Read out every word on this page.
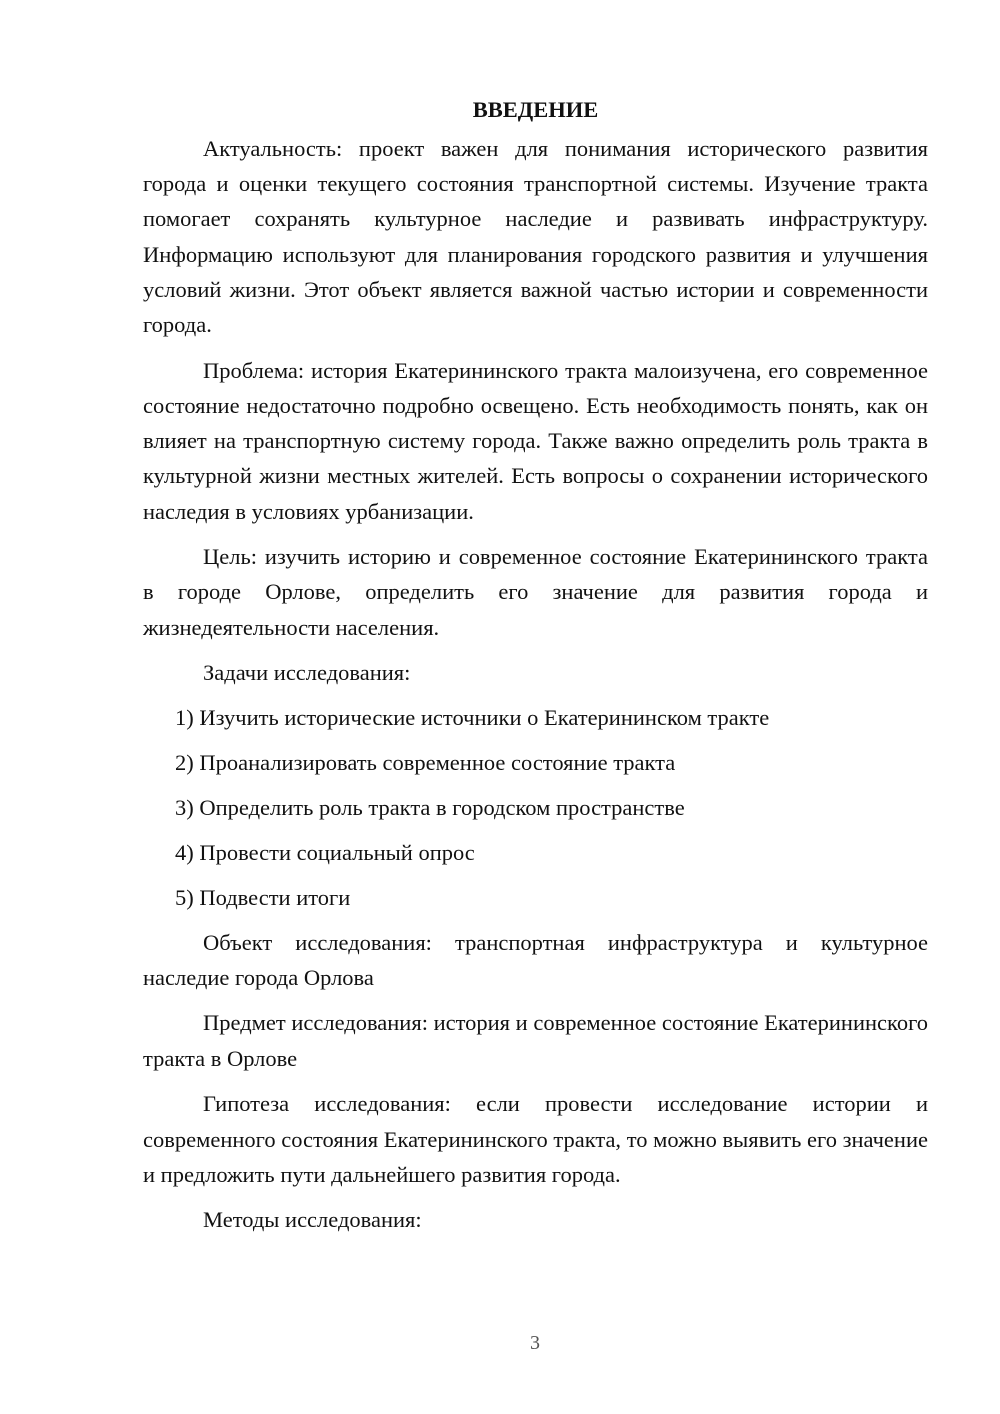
ВВЕДЕНИЕ

Актуальность: проект важен для понимания исторического развития города и оценки текущего состояния транспортной системы. Изучение тракта помогает сохранять культурное наследие и развивать инфраструктуру. Информацию используют для планирования городского развития и улучшения условий жизни. Этот объект является важной частью истории и современности города.

Проблема: история Екатерининского тракта малоизучена, его современное состояние недостаточно подробно освещено. Есть необходимость понять, как он влияет на транспортную систему города. Также важно определить роль тракта в культурной жизни местных жителей. Есть вопросы о сохранении исторического наследия в условиях урбанизации.

Цель: изучить историю и современное состояние Екатерининского тракта в городе Орлове, определить его значение для развития города и жизнедеятельности населения.

Задачи исследования:
1) Изучить исторические источники о Екатерининском тракте
2) Проанализировать современное состояние тракта
3) Определить роль тракта в городском пространстве
4) Провести социальный опрос
5) Подвести итоги

Объект исследования: транспортная инфраструктура и культурное наследие города Орлова

Предмет исследования: история и современное состояние Екатерининского тракта в Орлове

Гипотеза исследования: если провести исследование истории и современного состояния Екатерининского тракта, то можно выявить его значение и предложить пути дальнейшего развития города.

Методы исследования:

3
